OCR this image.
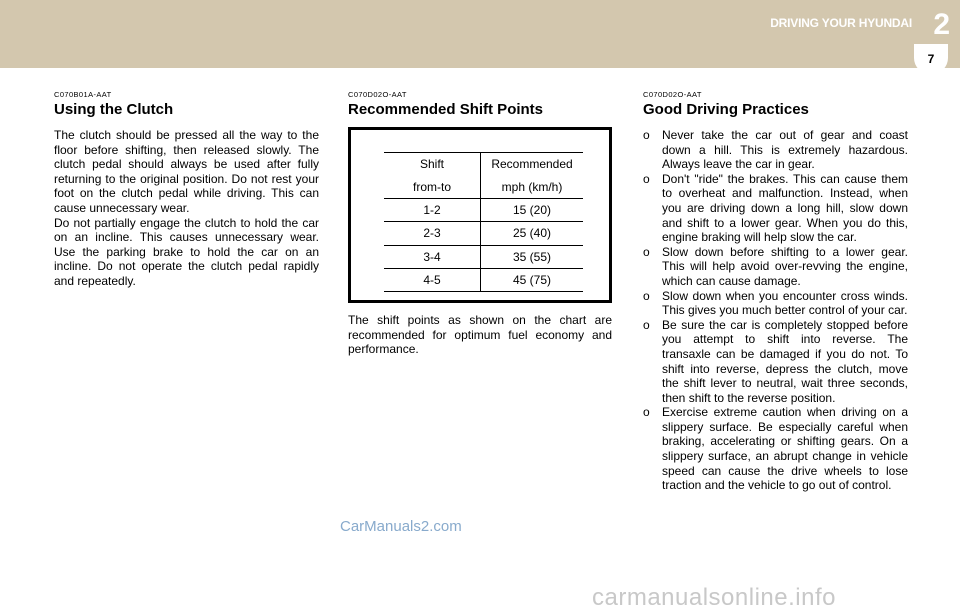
DRIVING YOUR HYUNDAI 2
7
C070B01A-AAT
Using the Clutch

The clutch should be pressed all the way to the floor before shifting, then released slowly. The clutch pedal should always be used after fully returning to the original position. Do not rest your foot on the clutch pedal while driving. This can cause unnecessary wear.

Do not partially engage the clutch to hold the car on an incline. This causes unnecessary wear. Use the parking brake to hold the car on an incline. Do not operate the clutch pedal rapidly and repeatedly.

C070D02O-AAT
Recommended Shift Points
Shift	Recommended
from-to	mph (km/h)
1-2	15 (20)
2-3	25 (40)
3-4	35 (55)
4-5	45 (75)

The shift points as shown on the chart are recommended for optimum fuel economy and performance.

C070D02O-AAT
Good Driving Practices
o Never take the car out of gear and coast down a hill. This is extremely hazardous. Always leave the car in gear.
o Don't "ride" the brakes. This can cause them to overheat and malfunction. Instead, when you are driving down a long hill, slow down and shift to a lower gear. When you do this, engine braking will help slow the car.
o Slow down before shifting to a lower gear. This will help avoid over-revving the engine, which can cause damage.
o Slow down when you encounter cross winds. This gives you much better control of your car.
o Be sure the car is completely stopped before you attempt to shift into reverse. The transaxle can be damaged if you do not. To shift into reverse, depress the clutch, move the shift lever to neutral, wait three seconds, then shift to the reverse position.
o Exercise extreme caution when driving on a slippery surface. Be especially careful when braking, accelerating or shifting gears. On a slippery surface, an abrupt change in vehicle speed can cause the drive wheels to lose traction and the vehicle to go out of control.
CarManuals2.com
carmanualsonline.info
